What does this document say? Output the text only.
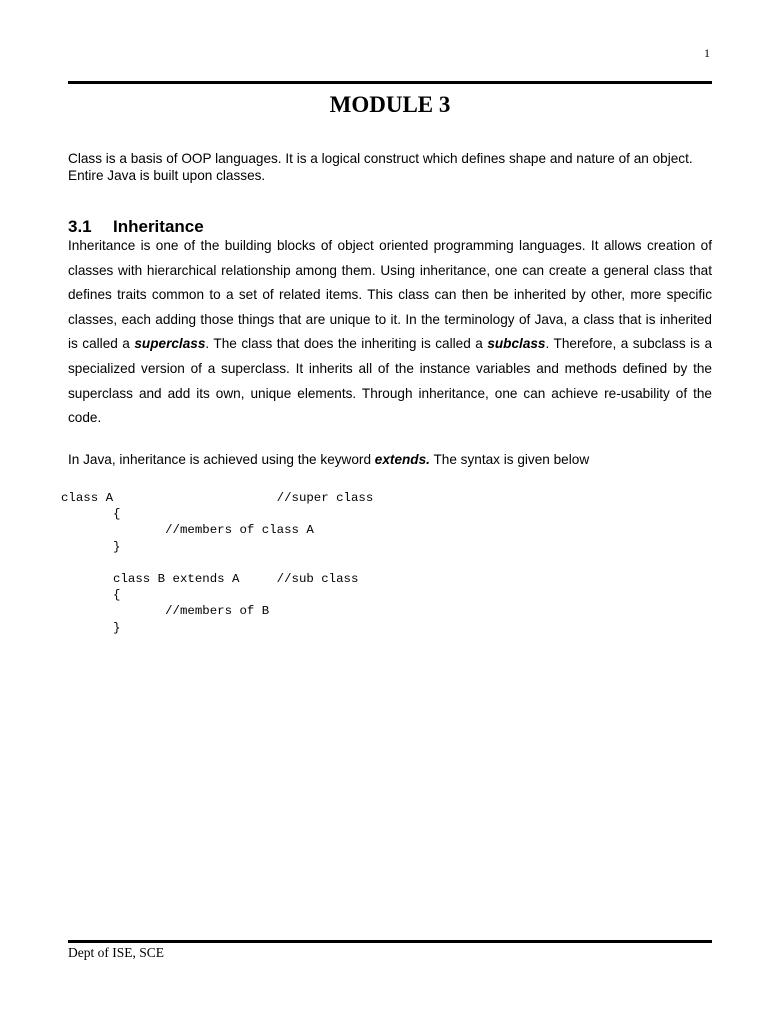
1
MODULE 3
Class is a basis of OOP languages. It is a logical construct which defines shape and nature of an object. Entire Java is built upon classes.
3.1 Inheritance
Inheritance is one of the building blocks of object oriented programming languages. It allows creation of classes with hierarchical relationship among them. Using inheritance, one can create a general class that defines traits common to a set of related items. This class can then be inherited by other, more specific classes, each adding those things that are unique to it. In the terminology of Java, a class that is inherited is called a superclass. The class that does the inheriting is called a subclass. Therefore, a subclass is a specialized version of a superclass. It inherits all of the instance variables and methods defined by the superclass and add its own, unique elements. Through inheritance, one can achieve re-usability of the code.
In Java, inheritance is achieved using the keyword extends. The syntax is given below
class A                      //super class
{
//members of class A
}

class B extends A     //sub class
{
//members of B
}
Dept of ISE, SCE
